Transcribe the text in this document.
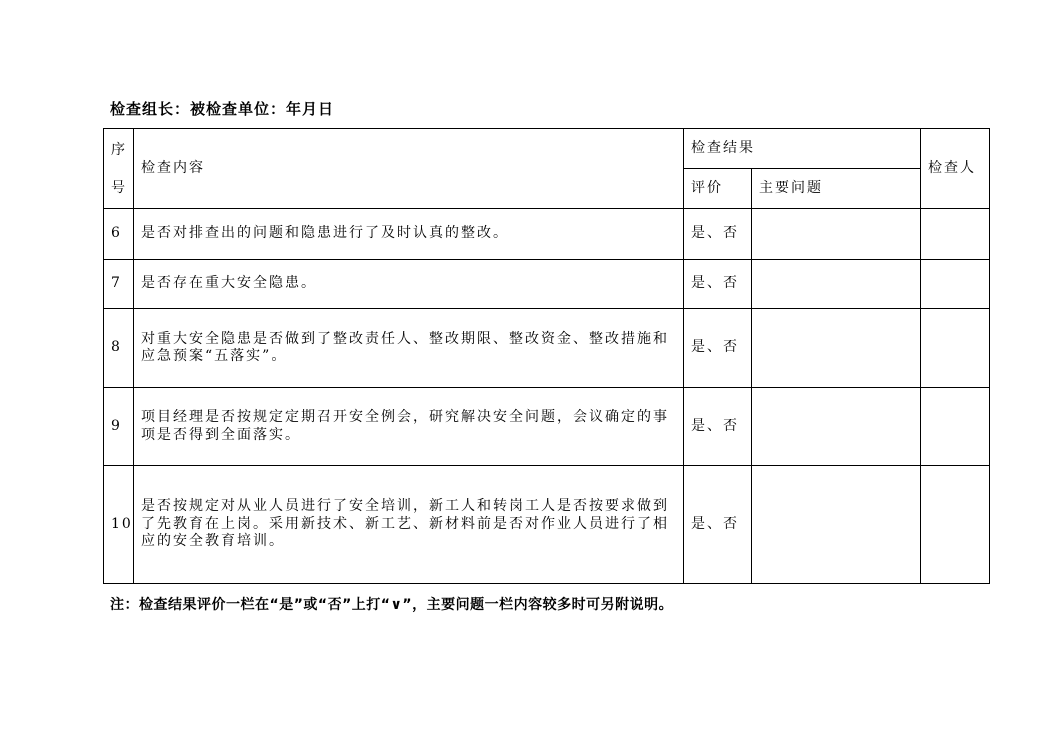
检查组长：被检查单位：年月日
序
号	检查内容	检查结果		检查人
		评价	主要问题	
6	是否对排查出的问题和隐患进行了及时认真的整改。	是、否		
7	是否存在重大安全隐患。	是、否		
8	对重大安全隐患是否做到了整改责任人、整改期限、整改资金、整改措施和应急预案“五落实”。	是、否		
9	项目经理是否按规定定期召开安全例会，研究解决安全问题，会议确定的事项是否得到全面落实。	是、否		
10	是否按规定对从业人员进行了安全培训，新工人和转岗工人是否按要求做到了先教育在上岗。采用新技术、新工艺、新材料前是否对作业人员进行了相应的安全教育培训。	是、否		
注：检查结果评价一栏在“是”或“否”上打“∨”，主要问题一栏内容较多时可另附说明。
